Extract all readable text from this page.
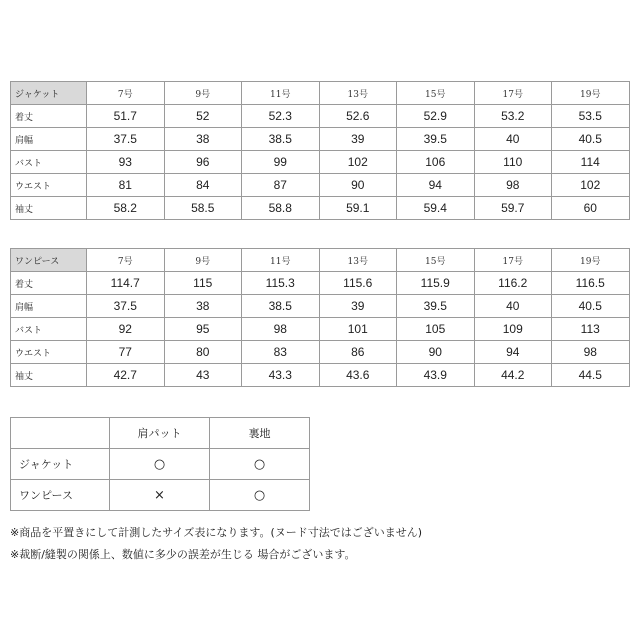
ジャケット	7号	9号	11号	13号	15号	17号	19号
着丈	51.7	52	52.3	52.6	52.9	53.2	53.5
肩幅	37.5	38	38.5	39	39.5	40	40.5
バスト	93	96	99	102	106	110	114
ウエスト	81	84	87	90	94	98	102
袖丈	58.2	58.5	58.8	59.1	59.4	59.7	60
ワンピース	7号	9号	11号	13号	15号	17号	19号
着丈	114.7	115	115.3	115.6	115.9	116.2	116.5
肩幅	37.5	38	38.5	39	39.5	40	40.5
バスト	92	95	98	101	105	109	113
ウエスト	77	80	83	86	90	94	98
袖丈	42.7	43	43.3	43.6	43.9	44.2	44.5
	肩パット	裏地
ジャケット	○	○
ワンピース	×	○
※商品を平置きにして計測したサイズ表になります。(ヌード寸法ではございません)
※裁断/縫製の関係上、数値に多少の誤差が生じる 場合がございます。
